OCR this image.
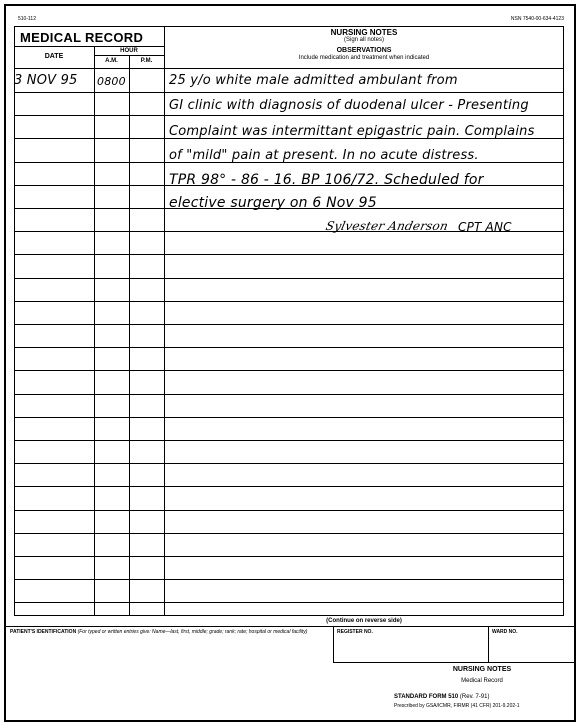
510-112	NSN 7540-00-634-4123
MEDICAL RECORD	NURSING NOTES
(Sign all notes)
OBSERVATIONS
Include medication and treatment when indicated
DATE
HOUR
A.M.	P.M.
3 NOV 95	0800	25 y/o white male admitted ambulant from
GI clinic with diagnosis of duodenal ulcer - Presenting
Complaint was intermittant epigastric pain. Complains
of "mild" pain at present. In no acute distress.
TPR 98° - 86 - 16. BP 106/72. Scheduled for
elective surgery on 6 Nov 95
Sylvester Anderson CPT ANC
(Continue on reverse side)
PATIENT'S IDENTIFICATION (For typed or written entries give: Name—last, first, middle; grade; rank; rate; hospital or medical facility)	REGISTER NO.	WARD NO.
NURSING NOTES
Medical Record
STANDARD FORM 510 (Rev. 7-91)
Prescribed by GSA/ICMR, FIRMR (41 CFR) 201-9.202-1
